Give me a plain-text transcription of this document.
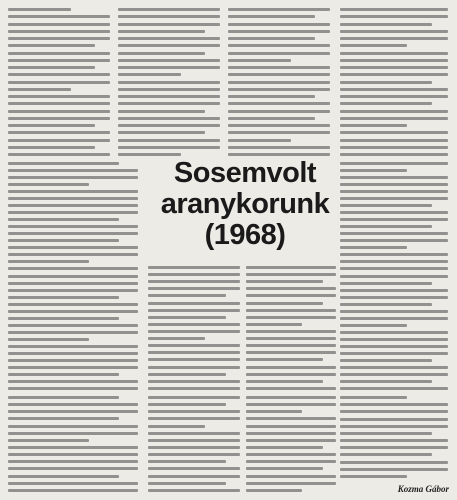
Sosemvolt
aranykorunk
(1968)
Kozma Gábor
